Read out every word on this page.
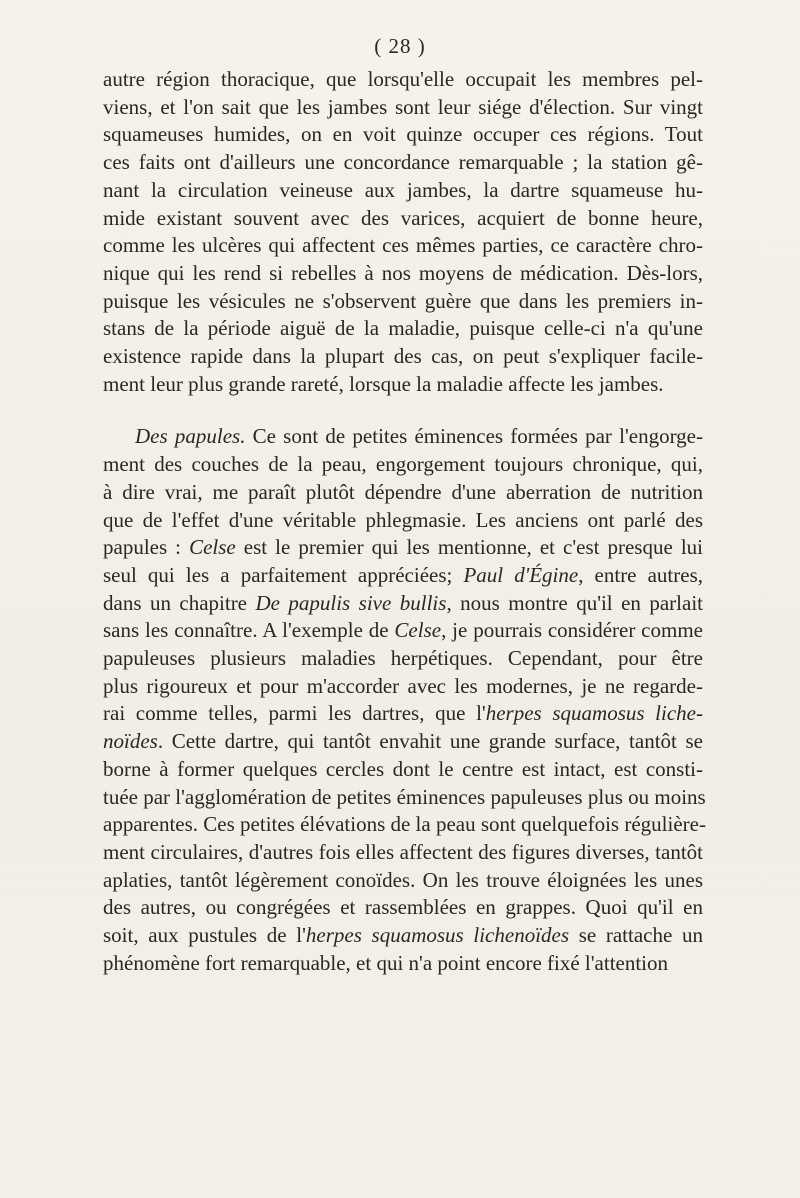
( 28 )
autre région thoracique, que lorsqu'elle occupait les membres pel-
viens, et l'on sait que les jambes sont leur siége d'élection. Sur vingt
squameuses humides, on en voit quinze occuper ces régions. Tout
ces faits ont d'ailleurs une concordance remarquable ; la station gê-
nant la circulation veineuse aux jambes, la dartre squameuse hu-
mide existant souvent avec des varices, acquiert de bonne heure,
comme les ulcères qui affectent ces mêmes parties, ce caractère chro-
nique qui les rend si rebelles à nos moyens de médication. Dès-lors,
puisque les vésicules ne s'observent guère que dans les premiers in-
stans de la période aiguë de la maladie, puisque celle-ci n'a qu'une
existence rapide dans la plupart des cas, on peut s'expliquer facile-
ment leur plus grande rareté, lorsque la maladie affecte les jambes.
Des papules. Ce sont de petites éminences formées par l'engorge-
ment des couches de la peau, engorgement toujours chronique, qui,
à dire vrai, me paraît plutôt dépendre d'une aberration de nutrition
que de l'effet d'une véritable phlegmasie. Les anciens ont parlé des
papules : Celse est le premier qui les mentionne, et c'est presque lui
seul qui les a parfaitement appréciées; Paul d'Égine, entre autres,
dans un chapitre De papulis sive bullis, nous montre qu'il en parlait
sans les connaître. A l'exemple de Celse, je pourrais considérer comme
papuleuses plusieurs maladies herpétiques. Cependant, pour être
plus rigoureux et pour m'accorder avec les modernes, je ne regarde-
rai comme telles, parmi les dartres, que l'herpes squamosus liche-
noïdes. Cette dartre, qui tantôt envahit une grande surface, tantôt se
borne à former quelques cercles dont le centre est intact, est consti-
tuée par l'agglomération de petites éminences papuleuses plus ou moins
apparentes. Ces petites élévations de la peau sont quelquefois régulière-
ment circulaires, d'autres fois elles affectent des figures diverses, tantôt
aplaties, tantôt légèrement conoïdes. On les trouve éloignées les unes
des autres, ou congrégées et rassemblées en grappes. Quoi qu'il en
soit, aux pustules de l'herpes squamosus lichenoïdes se rattache un
phénomène fort remarquable, et qui n'a point encore fixé l'attention
